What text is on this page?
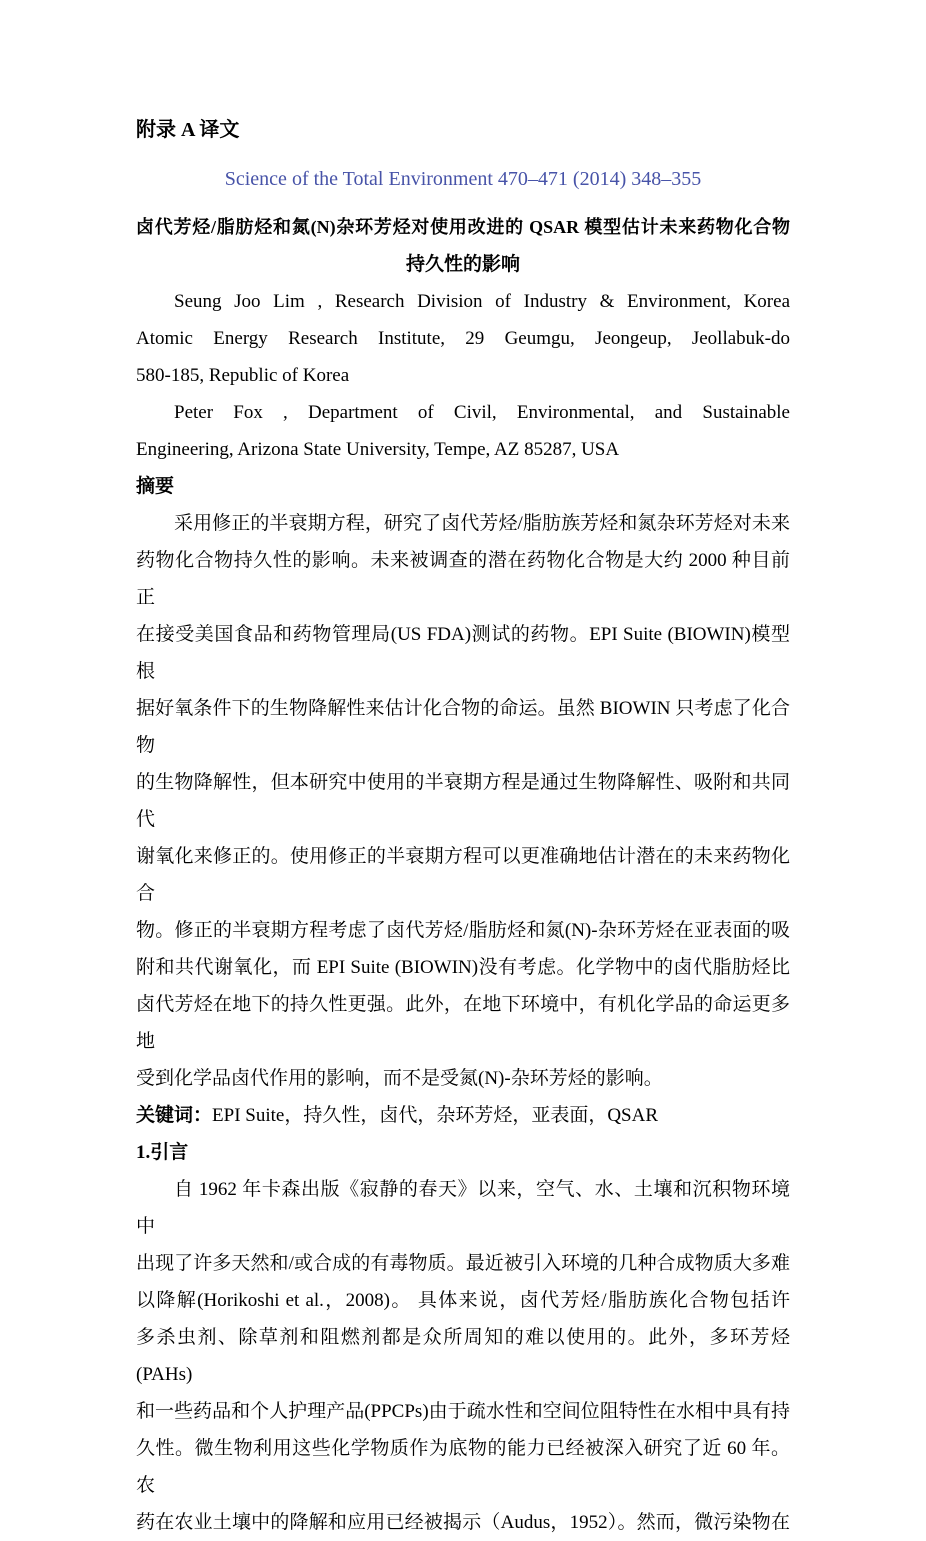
附录 A 译文
Science of the Total Environment 470–471 (2014) 348–355
卤代芳烃/脂肪烃和氮(N)杂环芳烃对使用改进的 QSAR 模型估计未来药物化合物
持久性的影响
Seung Joo Lim , Research Division of Industry & Environment, Korea
Atomic Energy Research Institute, 29 Geumgu, Jeongeup, Jeollabuk-do
580-185, Republic of Korea
Peter Fox , Department of Civil, Environmental, and Sustainable
Engineering, Arizona State University, Tempe, AZ 85287, USA
摘要
采用修正的半衰期方程，研究了卤代芳烃/脂肪族芳烃和氮杂环芳烃对未来
药物化合物持久性的影响。未来被调查的潜在药物化合物是大约 2000 种目前正
在接受美国食品和药物管理局(US FDA)测试的药物。EPI Suite (BIOWIN)模型根
据好氧条件下的生物降解性来估计化合物的命运。虽然 BIOWIN 只考虑了化合物
的生物降解性，但本研究中使用的半衰期方程是通过生物降解性、吸附和共同代
谢氧化来修正的。使用修正的半衰期方程可以更准确地估计潜在的未来药物化合
物。修正的半衰期方程考虑了卤代芳烃/脂肪烃和氮(N)-杂环芳烃在亚表面的吸
附和共代谢氧化，而 EPI Suite (BIOWIN)没有考虑。化学物中的卤代脂肪烃比
卤代芳烃在地下的持久性更强。此外，在地下环境中，有机化学品的命运更多地
受到化学品卤代作用的影响，而不是受氮(N)-杂环芳烃的影响。
关键词：EPI Suite，持久性，卤代，杂环芳烃，亚表面，QSAR
1.引言
自 1962 年卡森出版《寂静的春天》以来，空气、水、土壤和沉积物环境中
出现了许多天然和/或合成的有毒物质。最近被引入环境的几种合成物质大多难
以降解(Horikoshi et al.，2008)。 具体来说，卤代芳烃/脂肪族化合物包括许
多杀虫剂、除草剂和阻燃剂都是众所周知的难以使用的。此外，多环芳烃(PAHs)
和一些药品和个人护理产品(PPCPs)由于疏水性和空间位阻特性在水相中具有持
久性。微生物利用这些化学物质作为底物的能力已经被深入研究了近 60 年。农
药在农业土壤中的降解和应用已经被揭示（Audus，1952）。然而，微污染物在
